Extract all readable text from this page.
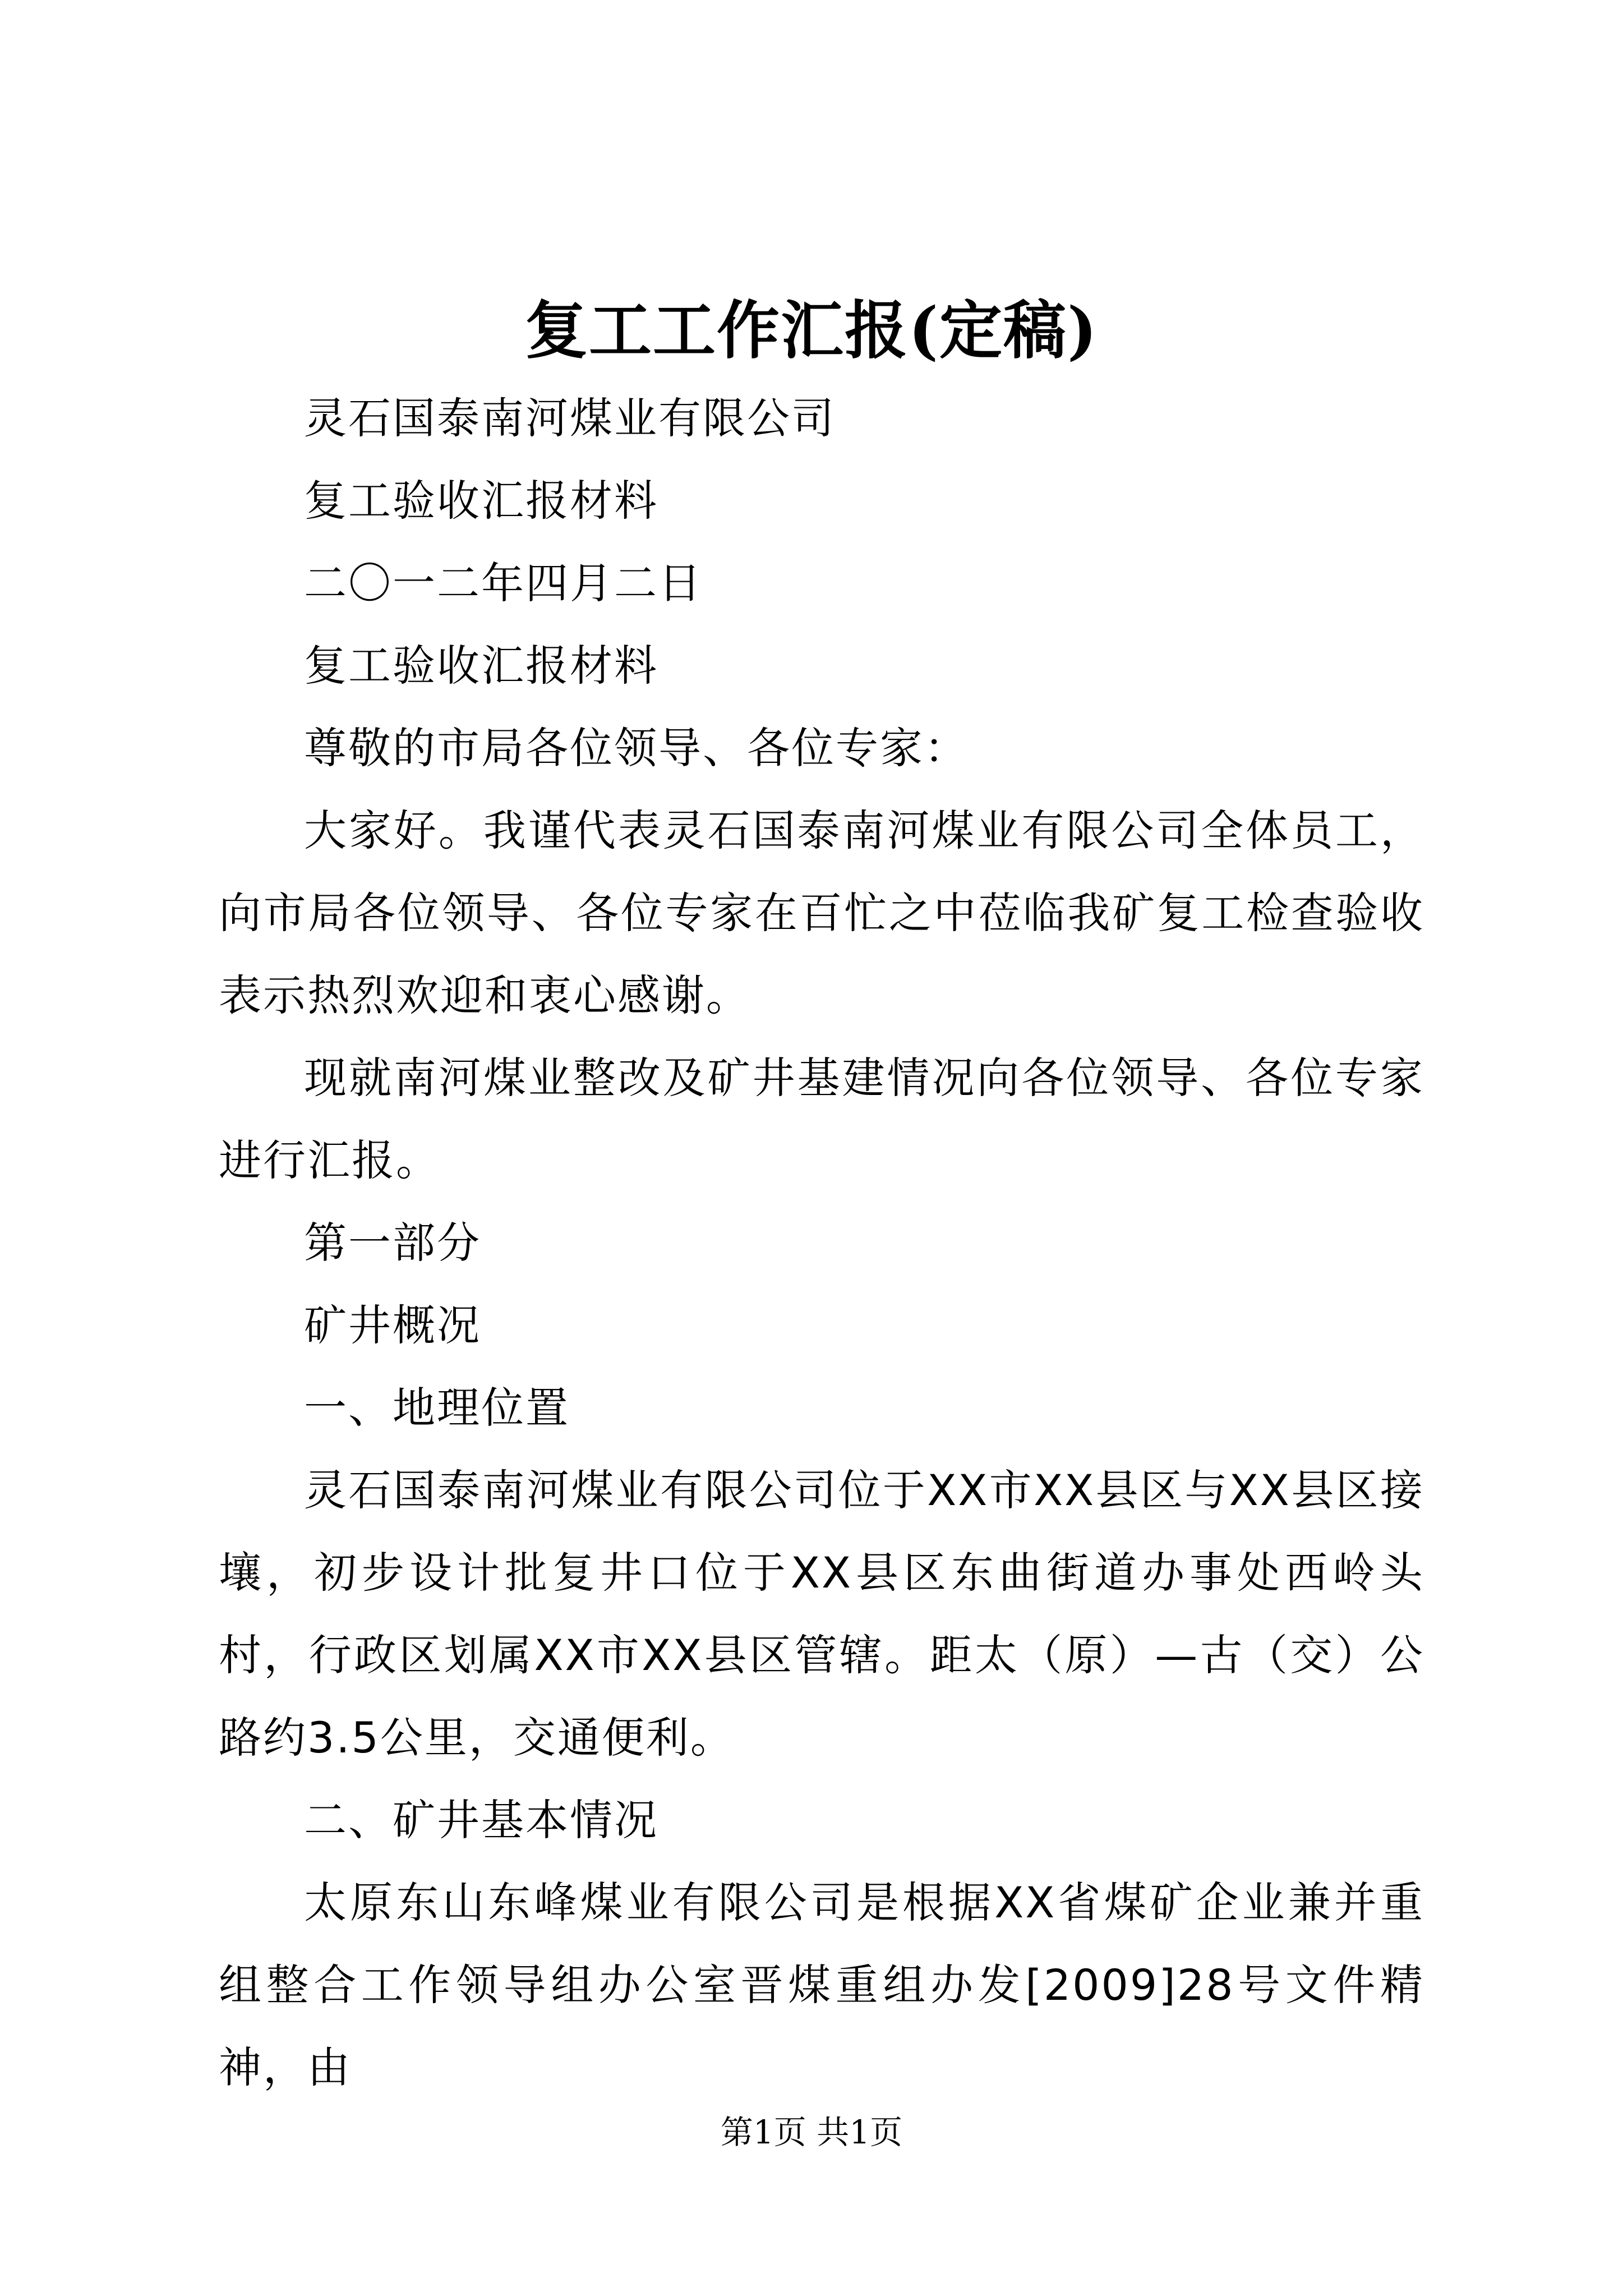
复工工作汇报(定稿)

灵石国泰南河煤业有限公司

复工验收汇报材料

二〇一二年四月二日

复工验收汇报材料

尊敬的市局各位领导、各位专家：

大家好。我谨代表灵石国泰南河煤业有限公司全体员工，向市局各位领导、各位专家在百忙之中莅临我矿复工检查验收表示热烈欢迎和衷心感谢。

现就南河煤业整改及矿井基建情况向各位领导、各位专家进行汇报。

第一部分

矿井概况

一、地理位置

灵石国泰南河煤业有限公司位于XX市XX县区与XX县区接壤，初步设计批复井口位于XX县区东曲街道办事处西岭头村，行政区划属XX市XX县区管辖。距太（原）—古（交）公路约3.5公里，交通便利。

二、矿井基本情况

太原东山东峰煤业有限公司是根据XX省煤矿企业兼并重组整合工作领导组办公室晋煤重组办发[2009]28号文件精神，由

第1页 共1页
